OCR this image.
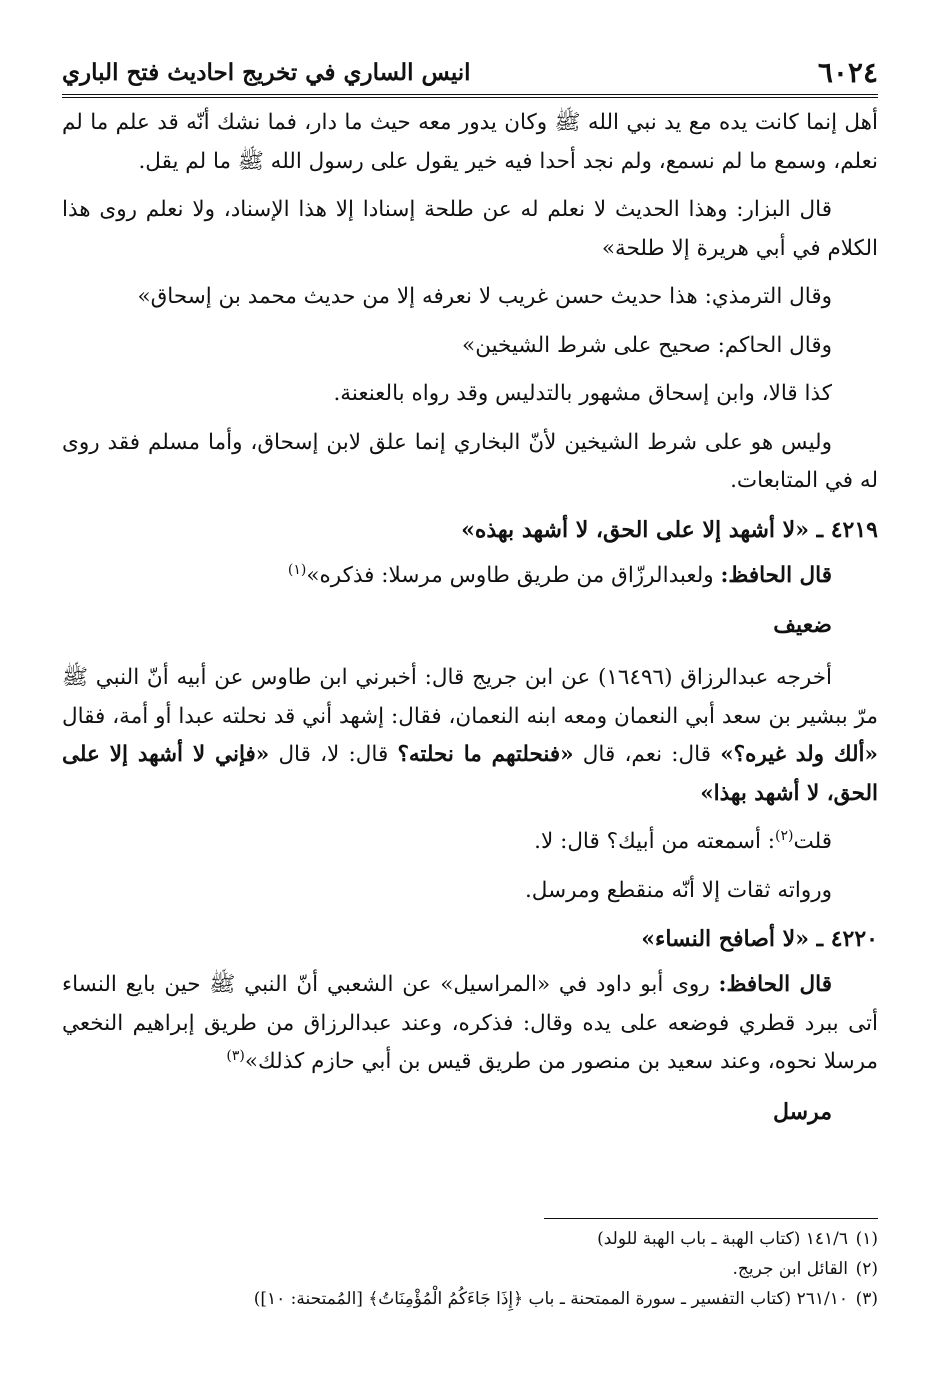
٦٠٢٤
انيس الساري في تخريج احاديث فتح الباري

أهل إنما كانت يده مع يد نبي الله ﷺ وكان يدور معه حيث ما دار، فما نشك أنّه قد علم ما لم نعلم، وسمع ما لم نسمع، ولم نجد أحدا فيه خير يقول على رسول الله ﷺ ما لم يقل.

قال البزار: وهذا الحديث لا نعلم له عن طلحة إسنادا إلا هذا الإسناد، ولا نعلم روى هذا الكلام في أبي هريرة إلا طلحة»

وقال الترمذي: هذا حديث حسن غريب لا نعرفه إلا من حديث محمد بن إسحاق»

وقال الحاكم: صحيح على شرط الشيخين»

كذا قالا، وابن إسحاق مشهور بالتدليس وقد رواه بالعنعنة.

وليس هو على شرط الشيخين لأنّ البخاري إنما علق لابن إسحاق، وأما مسلم فقد روى له في المتابعات.

٤٢١٩ ـ «لا أشهد إلا على الحق، لا أشهد بهذه»

قال الحافظ: ولعبدالرزّاق من طريق طاوس مرسلا: فذكره»$^{(١)}$

ضعيف

أخرجه عبدالرزاق (١٦٤٩٦) عن ابن جريج قال: أخبرني ابن طاوس عن أبيه أنّ النبي ﷺ مرّ ببشير بن سعد أبي النعمان ومعه ابنه النعمان، فقال: إشهد أني قد نحلته عبدا أو أمة، فقال «ألك ولد غيره؟» قال: نعم، قال «فنحلتهم ما نحلته؟ قال: لا، قال «فإني لا أشهد إلا على الحق، لا أشهد بهذا»

قلت$^{(٢)}$: أسمعته من أبيك؟ قال: لا.

ورواته ثقات إلا أنّه منقطع ومرسل.

٤٢٢٠ ـ «لا أصافح النساء»

قال الحافظ: روى أبو داود في «المراسيل» عن الشعبي أنّ النبي ﷺ حين بايع النساء أتى ببرد قطري فوضعه على يده وقال: فذكره، وعند عبدالرزاق من طريق إبراهيم النخعي مرسلا نحوه، وعند سعيد بن منصور من طريق قيس بن أبي حازم كذلك»$^{(٣)}$

مرسل

(١)١٤١/٦ (كتاب الهبة ـ باب الهبة للولد)

(٢)القائل ابن جريج.

(٣)٢٦١/١٠ (كتاب التفسير ـ سورة الممتحنة ـ باب ﴿إِذَا جَاءَكُمُ الْمُؤْمِنَاتُ﴾ [المُمتحنة: ١٠])
